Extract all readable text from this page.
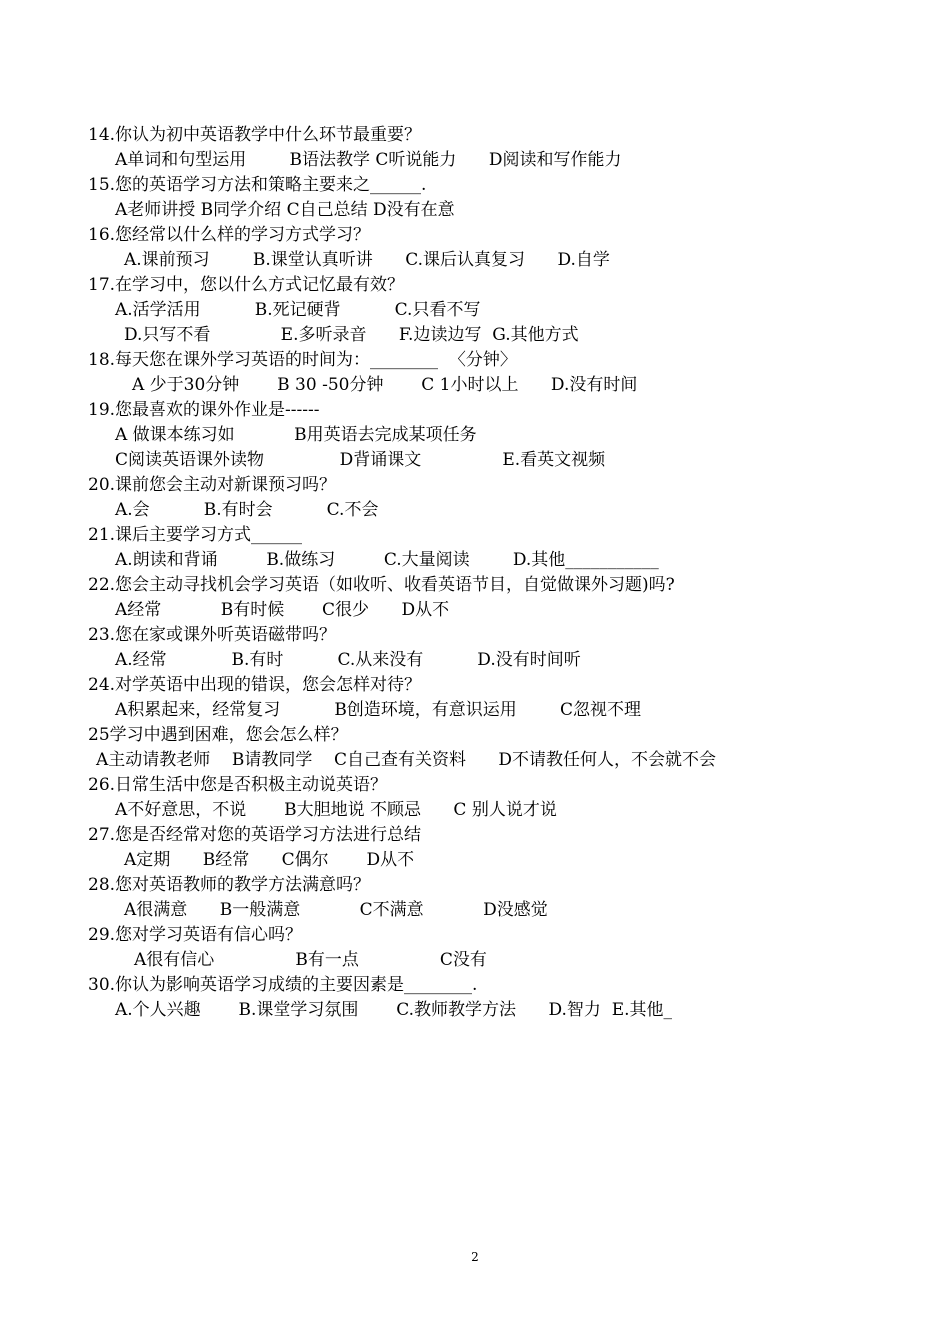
14.你认为初中英语教学中什么环节最重要？
A单词和句型运用        B语法教学 C听说能力      D阅读和写作能力
15.您的英语学习方法和策略主要来之______.
A老师讲授 B同学介绍 C自己总结 D没有在意
16.您经常以什么样的学习方式学习？
A.课前预习        B.课堂认真听讲      C.课后认真复习      D.自学
17.在学习中，您以什么方式记忆最有效？
A.活学活用          B.死记硬背          C.只看不写
D.只写不看             E.多听录音      F.边读边写  G.其他方式
18.每天您在课外学习英语的时间为：________  〈分钟〉
A 少于30分钟       B 30 -50分钟       C 1小时以上      D.没有时间
19.您最喜欢的课外作业是------
A 做课本练习如           B用英语去完成某项任务
C阅读英语课外读物              D背诵课文               E.看英文视频
20.课前您会主动对新课预习吗？
A.会          B.有时会          C.不会
21.课后主要学习方式______
A.朗读和背诵         B.做练习         C.大量阅读        D.其他___________
22.您会主动寻找机会学习英语（如收听、收看英语节目，自觉做课外习题)吗?
A经常           B有时候       C很少      D从不
23.您在家或课外听英语磁带吗？
A.经常            B.有时          C.从来没有          D.没有时间听
24.对学英语中出现的错误，您会怎样对待？
A积累起来，经常复习          B创造环境，有意识运用        C忽视不理
25学习中遇到困难，您会怎么样？
A主动请教老师    B请教同学    C自己查有关资料      D不请教任何人，不会就不会
26.日常生活中您是否积极主动说英语？
A不好意思，不说       B大胆地说 不顾忌      C 别人说才说
27.您是否经常对您的英语学习方法进行总结
A定期      B经常      C偶尔       D从不
28.您对英语教师的教学方法满意吗？
A很满意      B一般满意           C不满意           D没感觉
29.您对学习英语有信心吗？
A很有信心               B有一点               C没有
30.你认为影响英语学习成绩的主要因素是________.
A.个人兴趣       B.课堂学习氛围       C.教师教学方法      D.智力  E.其他_
2
